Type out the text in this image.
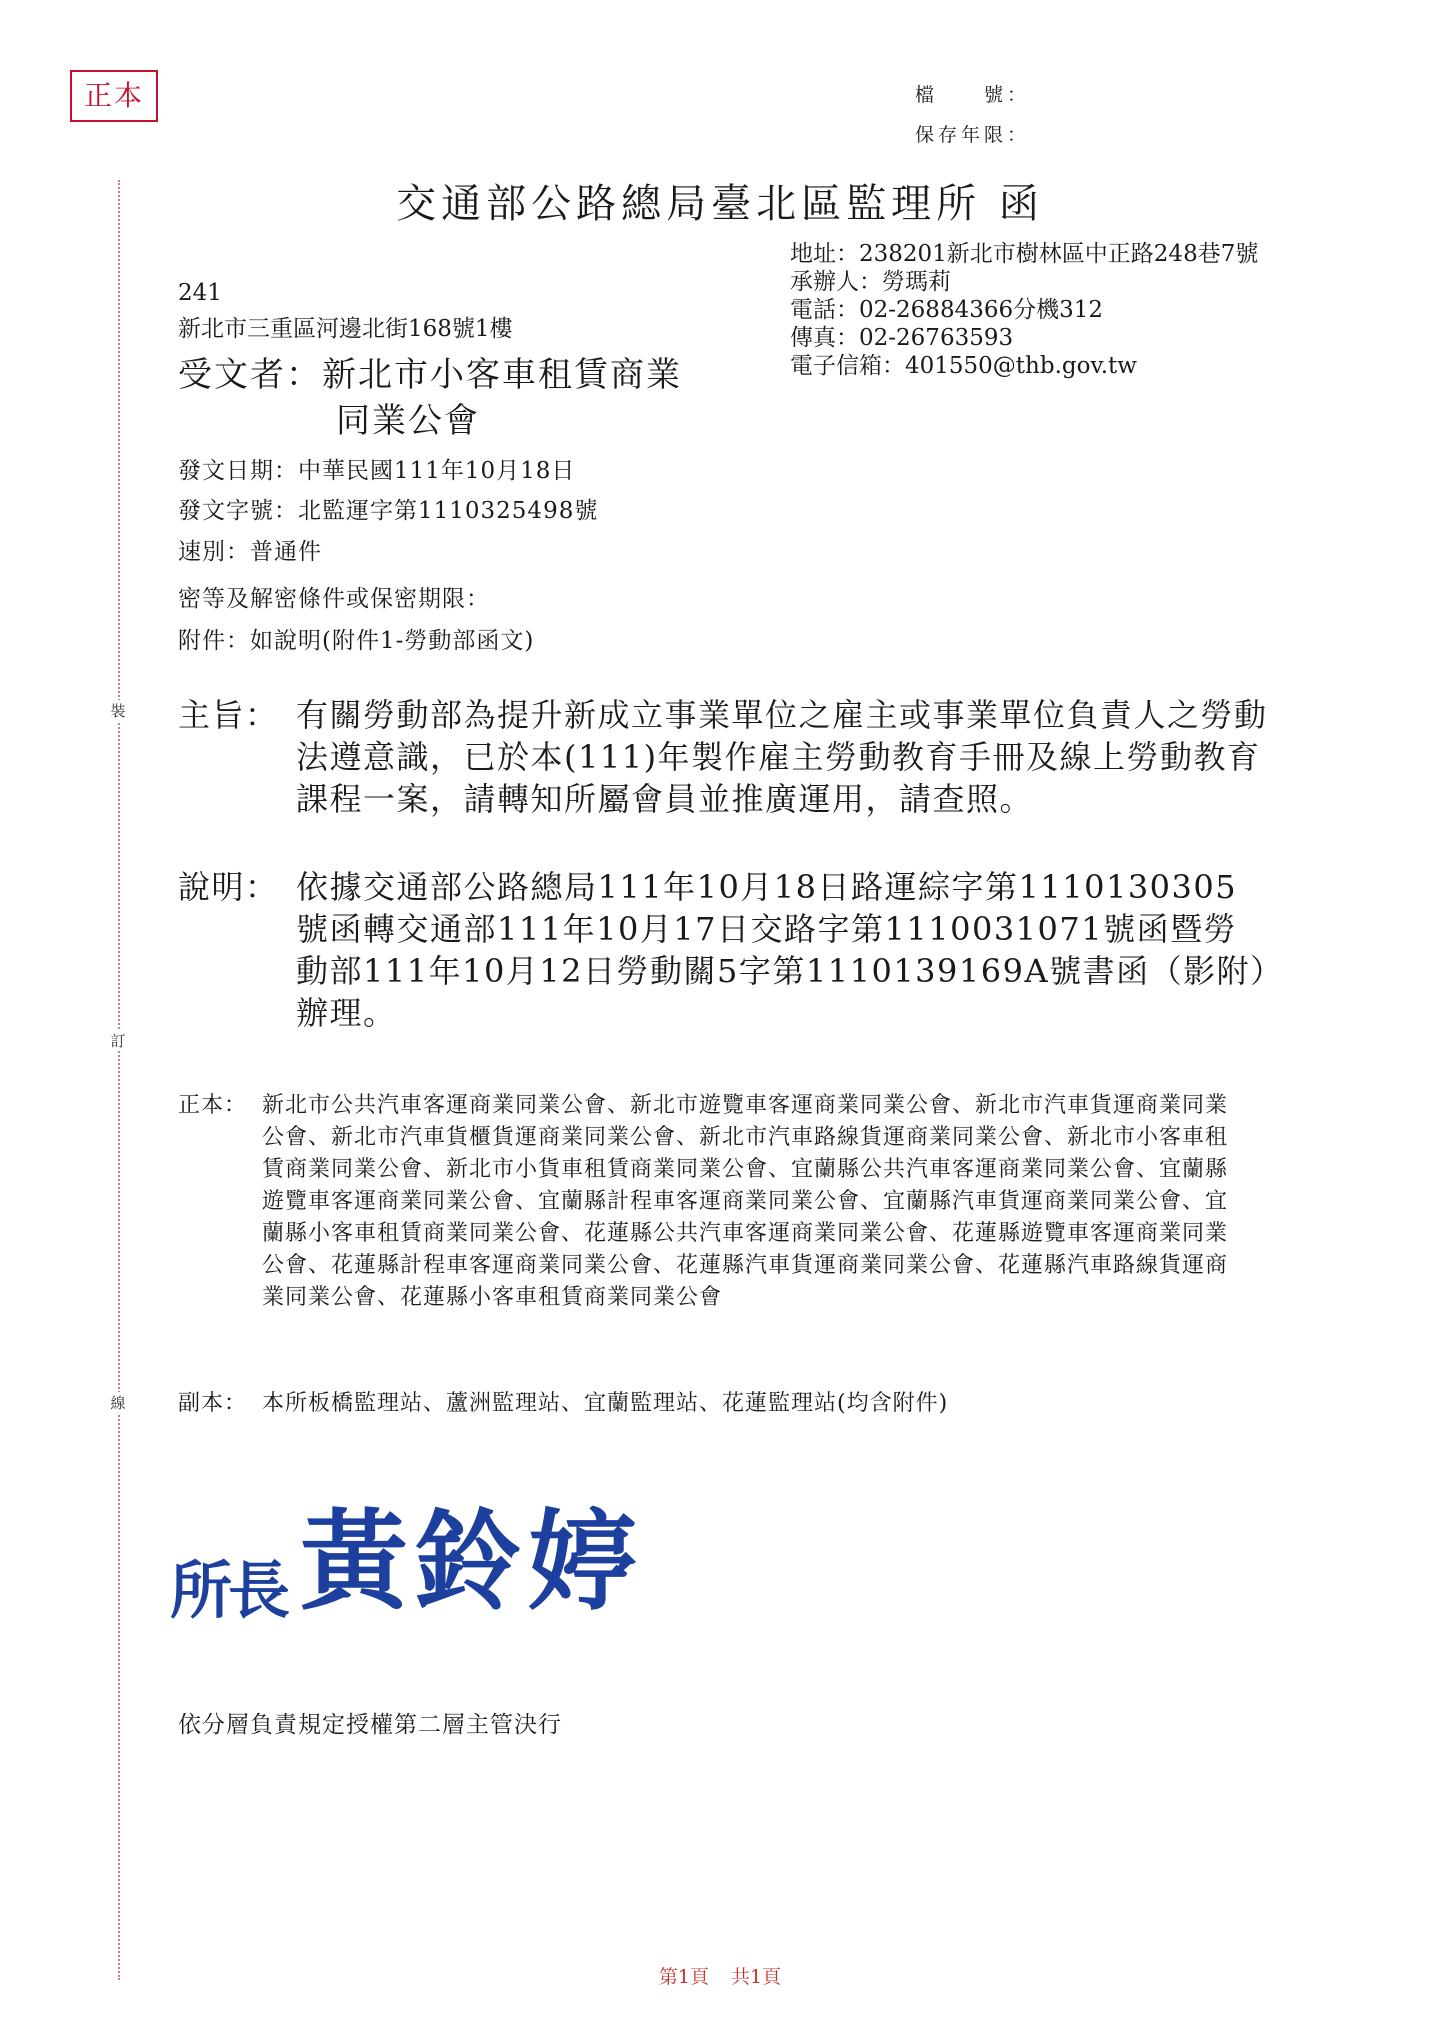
裝
訂
線
正本	檔　　號：
保存年限：
交通部公路總局臺北區監理所 函
地址：238201新北市樹林區中正路248巷7號
承辦人：勞瑪莉
電話：02-26884366分機312
傳真：02-26763593
電子信箱：401550@thb.gov.tw
241
新北市三重區河邊北街168號1樓
受文者：新北市小客車租賃商業
同業公會
發文日期：中華民國111年10月18日
發文字號：北監運字第1110325498號
速別：普通件
密等及解密條件或保密期限：
附件：如說明(附件1-勞動部函文)
主旨： 有關勞動部為提升新成立事業單位之雇主或事業單位負責人之勞動法遵意識，已於本(111)年製作雇主勞動教育手冊及線上勞動教育課程一案，請轉知所屬會員並推廣運用，請查照。
說明： 依據交通部公路總局111年10月18日路運綜字第1110130305號函轉交通部111年10月17日交路字第1110031071號函暨勞動部111年10月12日勞動關5字第1110139169A號書函（影附）辦理。
正本： 新北市公共汽車客運商業同業公會、新北市遊覽車客運商業同業公會、新北市汽車貨運商業同業公會、新北市汽車貨櫃貨運商業同業公會、新北市汽車路線貨運商業同業公會、新北市小客車租賃商業同業公會、新北市小貨車租賃商業同業公會、宜蘭縣公共汽車客運商業同業公會、宜蘭縣遊覽車客運商業同業公會、宜蘭縣計程車客運商業同業公會、宜蘭縣汽車貨運商業同業公會、宜蘭縣小客車租賃商業同業公會、花蓮縣公共汽車客運商業同業公會、花蓮縣遊覽車客運商業同業公會、花蓮縣計程車客運商業同業公會、花蓮縣汽車貨運商業同業公會、花蓮縣汽車路線貨運商業同業公會、花蓮縣小客車租賃商業同業公會
副本： 本所板橋監理站、蘆洲監理站、宜蘭監理站、花蓮監理站(均含附件)
所長 黃鈴婷
依分層負責規定授權第二層主管決行
第1頁 共1頁
